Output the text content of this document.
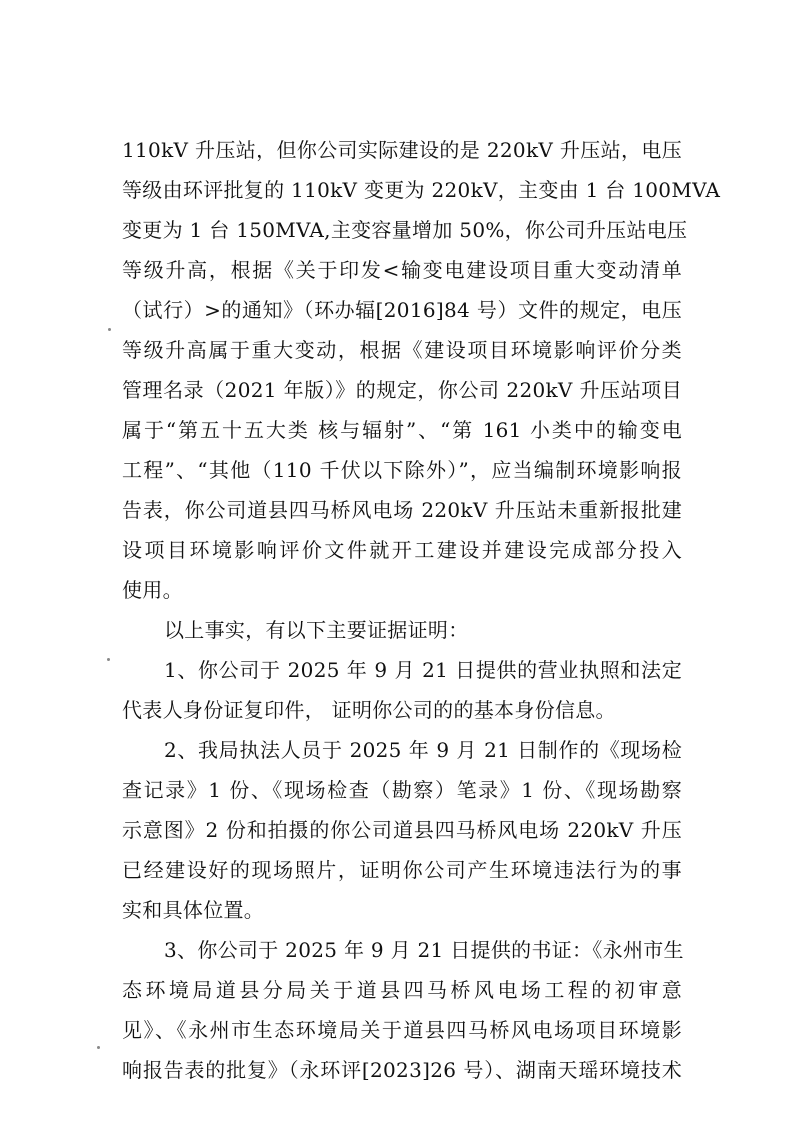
110kV 升压站，但你公司实际建设的是 220kV 升压站，电压
等级由环评批复的 110kV 变更为 220kV，主变由 1 台 100MVA
变更为 1 台 150MVA,主变容量增加 50%，你公司升压站电压
等级升高，根据《关于印发<输变电建设项目重大变动清单
（试行）>的通知》（环办辐[2016]84 号）文件的规定，电压
等级升高属于重大变动，根据《建设项目环境影响评价分类
管理名录（2021 年版）》的规定，你公司 220kV 升压站项目
属于“第五十五大类 核与辐射”、“第 161 小类中的输变电
工程”、“其他（110 千伏以下除外）”，应当编制环境影响报
告表，你公司道县四马桥风电场 220kV 升压站未重新报批建
设项目环境影响评价文件就开工建设并建设完成部分投入
使用。
以上事实，有以下主要证据证明：
1、你公司于 2025 年 9 月 21 日提供的营业执照和法定
代表人身份证复印件， 证明你公司的的基本身份信息。
2、我局执法人员于 2025 年 9 月 21 日制作的《现场检
查记录》1 份、《现场检查（勘察）笔录》1 份、《现场勘察
示意图》2 份和拍摄的你公司道县四马桥风电场 220kV 升压
已经建设好的现场照片，证明你公司产生环境违法行为的事
实和具体位置。
3、你公司于 2025 年 9 月 21 日提供的书证：《永州市生
态环境局道县分局关于道县四马桥风电场工程的初审意
见》、《永州市生态环境局关于道县四马桥风电场项目环境影
响报告表的批复》（永环评[2023]26 号）、湖南天瑶环境技术
